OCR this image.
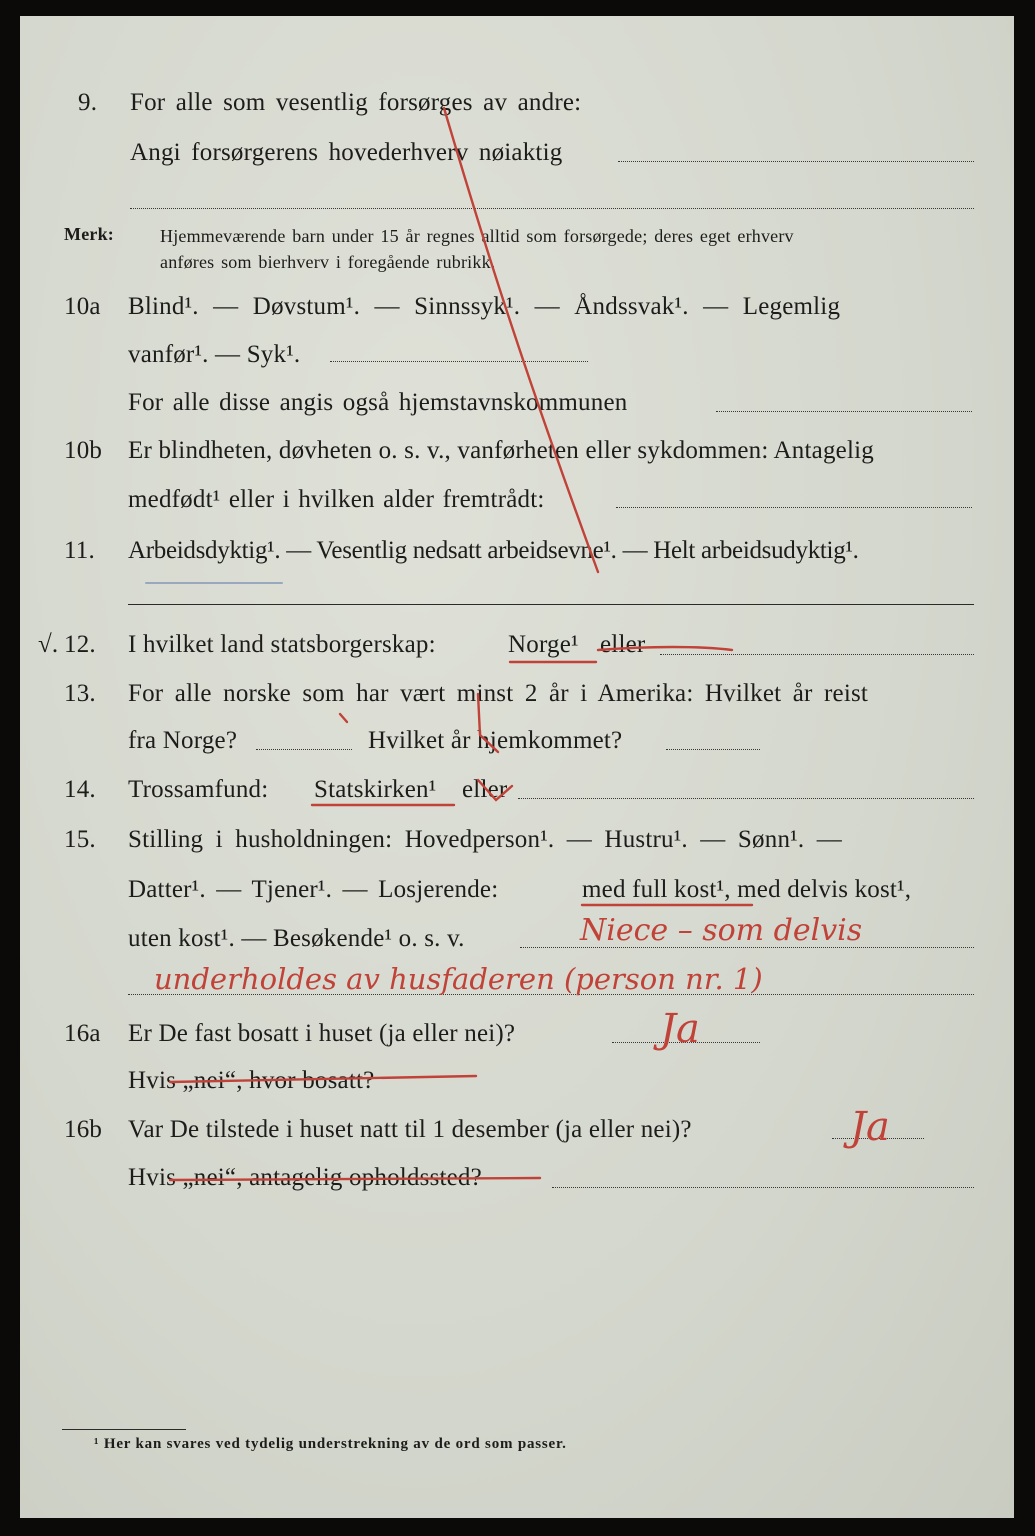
9. For alle som vesentlig forsørges av andre:
Angi forsørgerens hovederhverv nøiaktig
Merk:	Hjemmeværende barn under 15 år regnes alltid som forsørgede; deres eget erhverv
anføres som bierhverv i foregående rubrikk.
10a Blind¹. — Døvstum¹. — Sinnssyk¹. — Åndssvak¹. — Legemlig
vanfør¹. — Syk¹.
For alle disse angis også hjemstavnskommunen
10b Er blindheten, døvheten o. s. v., vanførheten eller sykdommen: Antagelig
medfødt¹ eller i hvilken alder fremtrådt:
11. Arbeidsdyktig¹. — Vesentlig nedsatt arbeidsevne¹. — Helt arbeidsudyktig¹.
√. 12. I hvilket land statsborgerskap:	Norge¹ eller
13. For alle norske som har vært minst 2 år i Amerika: Hvilket år reist
fra Norge?	Hvilket år hjemkommet?
14. Trossamfund: Statskirken¹ eller
15. Stilling i husholdningen: Hovedperson¹. — Hustru¹. — Sønn¹. —
Datter¹. — Tjener¹. — Losjerende:	med full kost¹, med delvis kost¹,
uten kost¹. — Besøkende¹ o. s. v.	Niece – som delvis
underholdes av husfaderen (person nr. 1)
16a Er De fast bosatt i huset (ja eller nei)?	Ja
Hvis „nei“, hvor bosatt?
16b Var De tilstede i huset natt til 1 desember (ja eller nei)?	Ja
Hvis „nei“, antagelig opholdssted?
¹ Her kan svares ved tydelig understrekning av de ord som passer.
